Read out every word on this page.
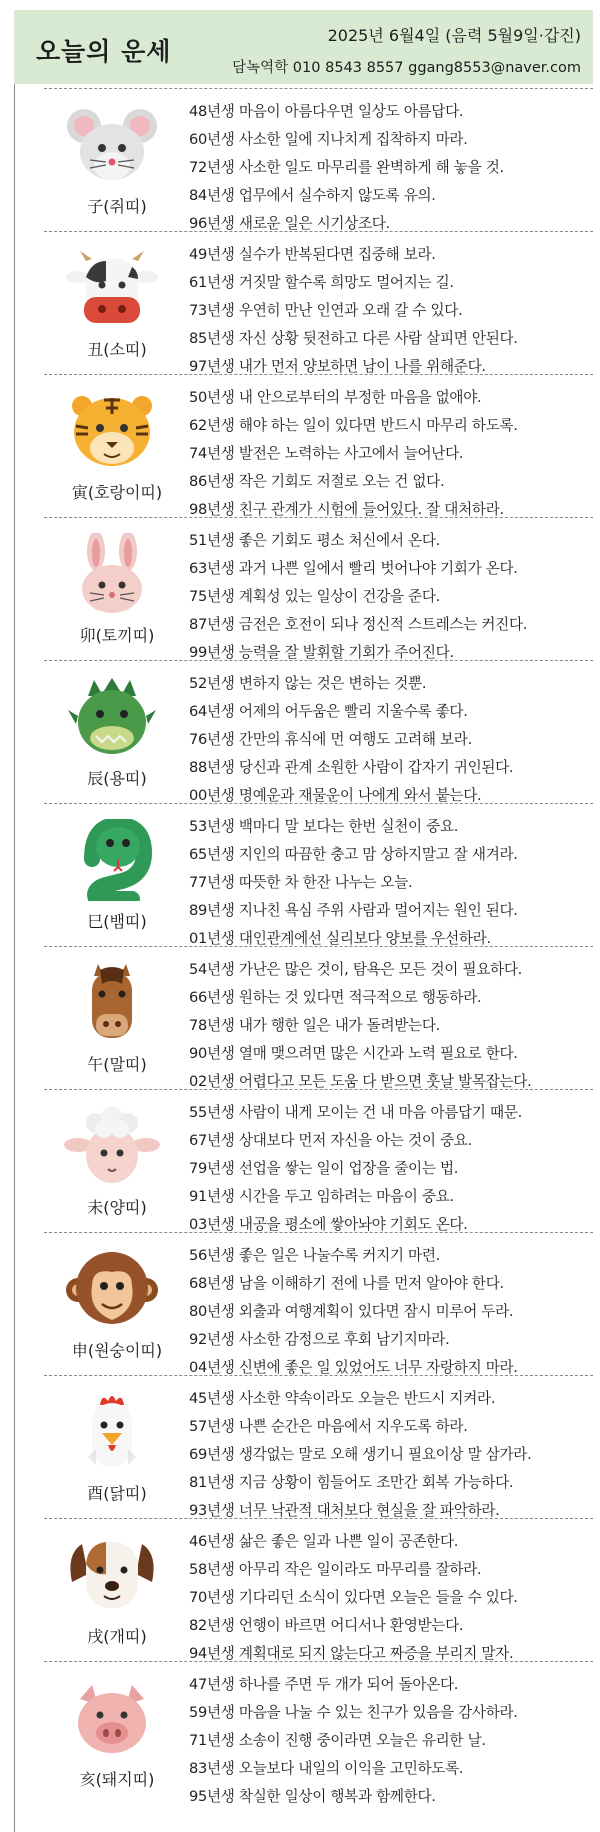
오늘의 운세
2025년 6월4일 (음력 5월9일·갑진)
담녹역학 010 8543 8557 ggang8553@naver.com
子(쥐띠)
48년생 마음이 아름다우면 일상도 아름답다.
60년생 사소한 일에 지나치게 집착하지 마라.
72년생 사소한 일도 마무리를 완벽하게 해 놓을 것.
84년생 업무에서 실수하지 않도록 유의.
96년생 새로운 일은 시기상조다.
丑(소띠)
49년생 실수가 반복된다면 집중해 보라.
61년생 거짓말 할수록 희망도 멀어지는 길.
73년생 우연히 만난 인연과 오래 갈 수 있다.
85년생 자신 상황 뒷전하고 다른 사람 살피면 안된다.
97년생 내가 먼저 양보하면 남이 나를 위해준다.
寅(호랑이띠)
50년생 내 안으로부터의 부정한 마음을 없애야.
62년생 해야 하는 일이 있다면 반드시 마무리 하도록.
74년생 발전은 노력하는 사고에서 늘어난다.
86년생 작은 기회도 저절로 오는 건 없다.
98년생 친구 관계가 시험에 들어있다. 잘 대처하라.
卯(토끼띠)
51년생 좋은 기회도 평소 처신에서 온다.
63년생 과거 나쁜 일에서 빨리 벗어나야 기회가 온다.
75년생 계획성 있는 일상이 건강을 준다.
87년생 금전은 호전이 되나 정신적 스트레스는 커진다.
99년생 능력을 잘 발휘할 기회가 주어진다.
辰(용띠)
52년생 변하지 않는 것은 변하는 것뿐.
64년생 어제의 어두움은 빨리 지울수록 좋다.
76년생 간만의 휴식에 먼 여행도 고려해 보라.
88년생 당신과 관계 소원한 사람이 갑자기 귀인된다.
00년생 명예운과 재물운이 나에게 와서 붙는다.
巳(뱀띠)
53년생 백마디 말 보다는 한번 실천이 중요.
65년생 지인의 따끔한 충고 맘 상하지말고 잘 새겨라.
77년생 따뜻한 차 한잔 나누는 오늘.
89년생 지나친 욕심 주위 사람과 멀어지는 원인 된다.
01년생 대인관계에선 실리보다 양보를 우선하라.
午(말띠)
54년생 가난은 많은 것이, 탐욕은 모든 것이 필요하다.
66년생 원하는 것 있다면 적극적으로 행동하라.
78년생 내가 행한 일은 내가 돌려받는다.
90년생 열매 맺으려면 많은 시간과 노력 필요로 한다.
02년생 어렵다고 모든 도움 다 받으면 훗날 발목잡는다.
未(양띠)
55년생 사람이 내게 모이는 건 내 마음 아름답기 때문.
67년생 상대보다 먼저 자신을 아는 것이 중요.
79년생 선업을 쌓는 일이 업장을 줄이는 법.
91년생 시간을 두고 임하려는 마음이 중요.
03년생 내공을 평소에 쌓아놔야 기회도 온다.
申(원숭이띠)
56년생 좋은 일은 나눌수록 커지기 마련.
68년생 남을 이해하기 전에 나를 먼저 알아야 한다.
80년생 외출과 여행계획이 있다면 잠시 미루어 두라.
92년생 사소한 감정으로 후회 남기지마라.
04년생 신변에 좋은 일 있었어도 너무 자랑하지 마라.
酉(닭띠)
45년생 사소한 약속이라도 오늘은 반드시 지켜라.
57년생 나쁜 순간은 마음에서 지우도록 하라.
69년생 생각없는 말로 오해 생기니 필요이상 말 삼가라.
81년생 지금 상황이 힘들어도 조만간 회복 가능하다.
93년생 너무 낙관적 대처보다 현실을 잘 파악하라.
戌(개띠)
46년생 삶은 좋은 일과 나쁜 일이 공존한다.
58년생 아무리 작은 일이라도 마무리를 잘하라.
70년생 기다리던 소식이 있다면 오늘은 들을 수 있다.
82년생 언행이 바르면 어디서나 환영받는다.
94년생 계획대로 되지 않는다고 짜증을 부리지 말자.
亥(돼지띠)
47년생 하나를 주면 두 개가 되어 돌아온다.
59년생 마음을 나눌 수 있는 친구가 있음을 감사하라.
71년생 소송이 진행 중이라면 오늘은 유리한 날.
83년생 오늘보다 내일의 이익을 고민하도록.
95년생 착실한 일상이 행복과 함께한다.
